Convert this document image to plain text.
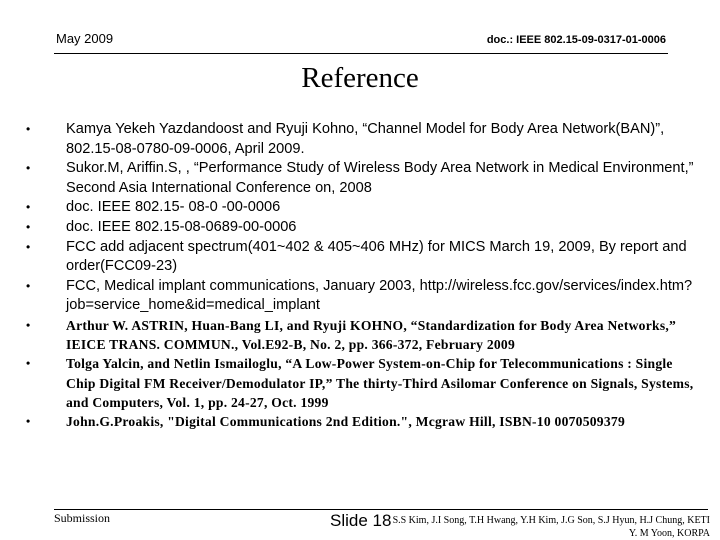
May 2009	doc.: IEEE 802.15-09-0317-01-0006
Reference
• Kamya Yekeh Yazdandoost and Ryuji Kohno, “Channel Model for Body Area Network(BAN)”, 802.15-08-0780-09-0006, April 2009.
• Sukor.M, Ariffin.S, , “Performance Study of Wireless Body Area Network in Medical Environment,” Second Asia International Conference on, 2008
• doc. IEEE 802.15- 08-0 -00-0006
• doc. IEEE 802.15-08-0689-00-0006
• FCC add adjacent spectrum(401~402 & 405~406 MHz) for MICS March 19, 2009, By report and order(FCC09-23)
• FCC, Medical implant communications, January 2003, http://wireless.fcc.gov/services/index.htm?job=service_home&id=medical_implant
•	Arthur W. ASTRIN, Huan-Bang LI, and Ryuji KOHNO, “Standardization for Body Area Networks,” IEICE TRANS. COMMUN., Vol.E92-B, No. 2, pp. 366-372, February 2009
•	Tolga Yalcin, and Netlin Ismailoglu, “A Low-Power System-on-Chip for Telecommunications : Single Chip Digital FM Receiver/Demodulator IP,” The thirty-Third Asilomar Conference on Signals, Systems, and Computers, Vol. 1, pp. 24-27, Oct. 1999
•	John.G.Proakis, "Digital Communications 2nd Edition.", Mcgraw Hill, ISBN-10 0070509379
Submission	Slide 18 S.S Kim, J.I Song, T.H Hwang, Y.H Kim, J.G Son, S.J Hyun, H.J Chung, KETI
Y. M Yoon, KORPA
